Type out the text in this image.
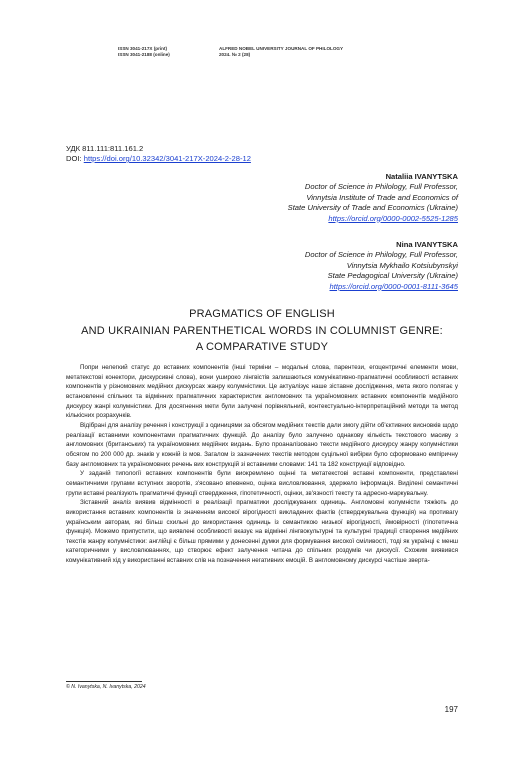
ISSN 3041-217X (print)
ISSN 3041-2188 (online)
ALFRED NOBEL UNIVERSITY JOURNAL OF PHILOLOGY
2024. № 2 (28)
УДК 811.111:811.161.2
DOI: https://doi.org/10.32342/3041-217X-2024-2-28-12
Nataliia IVANYTSKA
Doctor of Science in Philology, Full Professor,
Vinnytsia Institute of Trade and Economics of
State University of Trade and Economics (Ukraine)
https://orcid.org/0000-0002-5525-1285
Nina IVANYTSKA
Doctor of Science in Philology, Full Professor,
Vinnytsia Mykhailo Kotsiubynskyi
State Pedagogical University (Ukraine)
https://orcid.org/0000-0001-8111-3645
PRAGMATICS OF ENGLISH
AND UKRAINIAN PARENTHETICAL WORDS IN COLUMNIST GENRE:
A COMPARATIVE STUDY

Попри нелегкий статус до вставних компонентів (інші терміни – модальні слова, парентези, егоцентричні елементи мови, метатекстові конектори, дискурсивні слова), вони ушироко лінгвістів залишаються комунікативно-прагматичні особливості вставних компонентів у різномовних медійних дискурсах жанру колумністики. Це актуалізує наше зіставне дослідження, мета якого полягає у встановленні спільних та відмінних прагматичних характеристик англомовних та україномовних вставних компонентів медійного дискурсу жанрі колумністики. Для досягнення мети були залучені порівняльний, контекстуально-інтерпретаційний методи та метод кількісних розрахунків.

Відібрані для аналізу речення і конструкції з одиницями за обсягом медійних текстів дали змогу дійти об'єктивних висновків щодо реалізації вставними компонентами прагматичних функцій. До аналізу було залучено однакову кількість текстового масиву з англомовних (британських) та україномовних медійних видань. Було проаналізовано тексти медійного дискурсу жанру колумністики обсягом по 200 000 др. знаків у кожній із мов. Загалом із зазначених текстів методом суцільної вибірки було сформовано емпіричну базу англомовних та україномовних речень вих конструкцій зі вставними словами: 141 та 182 конструкції відповідно.

У заданій типології вставних компонентів були виокремлено оцінні та метатекстові вставні компоненти, представлені семантичними групами вступних зворотів, з'ясовано впевнено, оцінка висловлювання, здержело інформація. Виділені семантичні групи вставні реалізують прагматичні функції ствердження, гіпотетичності, оцінки, зв'язності тексту та адресно-маркувальну.

Зіставний аналіз виявив відмінності в реалізації прагматики досліджуваних одиниць. Англомовні колумністи тяжіють до використання вставних компонентів із значенням високої вірогідності викладених фактів (стверджувальна функція) на противагу українським авторам, які більш схильні до використання одиниць із семантикою низької вірогідності, ймовірності (гіпотетична функція). Можемо припустити, що виявлені особливості вказує на відмінні лінгвокультурні та культурні традиції створення медійних текстів жанру колумністики: англійці є більш прямими у донесенні думки для формування високої сміливості, тоді як українці є менш категоричними у висловлюваннях, що створює ефект залучення читача до спільних роздумів чи дискусії. Схожим виявився комунікативний хід у використанні вставних слів на позначення негативних емоцій. В англомовному дискурсі частіше зверта-

© N. Ivanytska, N. Ivanytska, 2024
197
